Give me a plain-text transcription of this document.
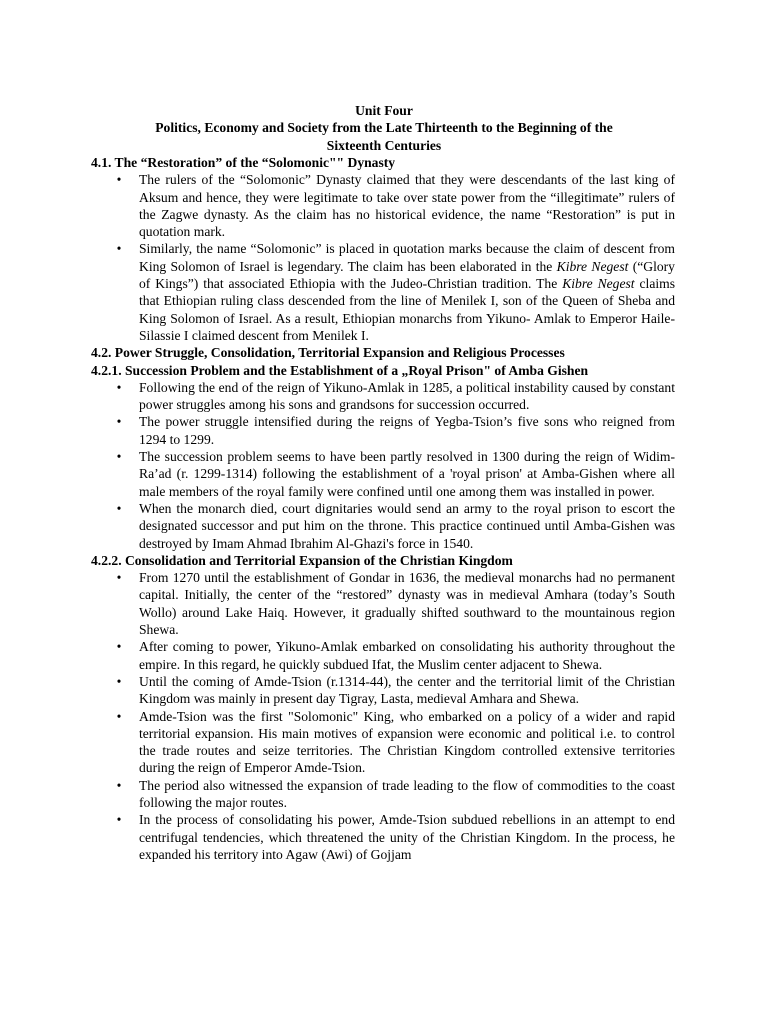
Unit Four
Politics, Economy and Society from the Late Thirteenth to the Beginning of the
Sixteenth Centuries
4.1. The “Restoration” of the “Solomonic"" Dynasty
• The rulers of the “Solomonic” Dynasty claimed that they were descendants of the last king of Aksum and hence, they were legitimate to take over state power from the “illegitimate” rulers of the Zagwe dynasty. As the claim has no historical evidence, the name “Restoration” is put in quotation mark.
• Similarly, the name “Solomonic” is placed in quotation marks because the claim of descent from King Solomon of Israel is legendary. The claim has been elaborated in the Kibre Negest (“Glory of Kings”) that associated Ethiopia with the Judeo-Christian tradition. The Kibre Negest claims that Ethiopian ruling class descended from the line of Menilek I, son of the Queen of Sheba and King Solomon of Israel. As a result, Ethiopian monarchs from Yikuno- Amlak to Emperor Haile-Silassie I claimed descent from Menilek I.
4.2. Power Struggle, Consolidation, Territorial Expansion and Religious Processes
4.2.1. Succession Problem and the Establishment of a „Royal Prison" of Amba Gishen
• Following the end of the reign of Yikuno-Amlak in 1285, a political instability caused by constant power struggles among his sons and grandsons for succession occurred.
• The power struggle intensified during the reigns of Yegba-Tsion’s five sons who reigned from 1294 to 1299.
• The succession problem seems to have been partly resolved in 1300 during the reign of Widim-Ra’ad (r. 1299-1314) following the establishment of a 'royal prison' at Amba-Gishen where all male members of the royal family were confined until one among them was installed in power.
• When the monarch died, court dignitaries would send an army to the royal prison to escort the designated successor and put him on the throne. This practice continued until Amba-Gishen was destroyed by Imam Ahmad Ibrahim Al-Ghazi's force in 1540.
4.2.2. Consolidation and Territorial Expansion of the Christian Kingdom
• From 1270 until the establishment of Gondar in 1636, the medieval monarchs had no permanent capital. Initially, the center of the “restored” dynasty was in medieval Amhara (today’s South Wollo) around Lake Haiq. However, it gradually shifted southward to the mountainous region Shewa.
• After coming to power, Yikuno-Amlak embarked on consolidating his authority throughout the empire. In this regard, he quickly subdued Ifat, the Muslim center adjacent to Shewa.
• Until the coming of Amde-Tsion (r.1314-44), the center and the territorial limit of the Christian Kingdom was mainly in present day Tigray, Lasta, medieval Amhara and Shewa.
• Amde-Tsion was the first "Solomonic" King, who embarked on a policy of a wider and rapid territorial expansion. His main motives of expansion were economic and political i.e. to control the trade routes and seize territories. The Christian Kingdom controlled extensive territories during the reign of Emperor Amde-Tsion.
• The period also witnessed the expansion of trade leading to the flow of commodities to the coast following the major routes.
• In the process of consolidating his power, Amde-Tsion subdued rebellions in an attempt to end centrifugal tendencies, which threatened the unity of the Christian Kingdom. In the process, he expanded his territory into Agaw (Awi) of Gojjam
